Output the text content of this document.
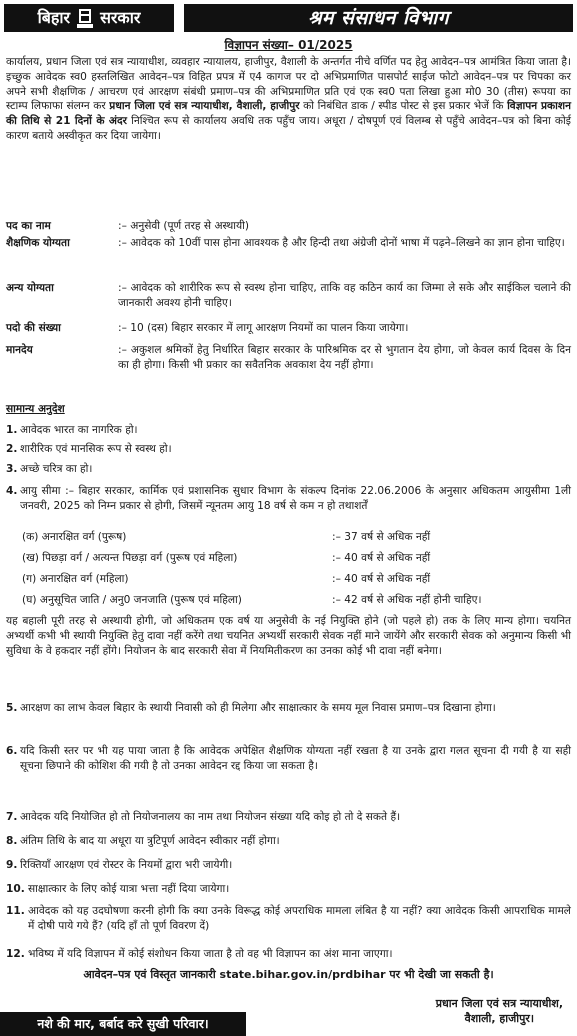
बिहार सरकार	श्रम संसाधन विभाग
विज्ञापन संख्या– 01/2025
कार्यालय, प्रधान जिला एवं सत्र न्यायाधीश, व्यवहार न्यायालय, हाजीपुर, वैशाली के अन्तर्गत नीचे वर्णित पद हेतु आवेदन–पत्र आमंत्रित किया जाता है। इच्छुक आवेदक स्व0 हस्तलिखित आवेदन–पत्र विहित प्रपत्र में ए4 कागज पर दो अभिप्रमाणित पासपोर्ट साईज फोटो आवेदन–पत्र पर चिपका कर अपने सभी शैक्षणिक / आचरण एवं आरक्षण संबंधी प्रमाण–पत्र की अभिप्रमाणित प्रति एवं एक स्व0 पता लिखा हुआ मो0 30 (तीस) रूपया का स्टाम्प लिफाफा संलग्न कर प्रधान जिला एवं सत्र न्यायाधीश, वैशाली, हाजीपुर को निबंधित डाक / स्पीड पोस्ट से इस प्रकार भेजें कि विज्ञापन प्रकाशन की तिथि से 21 दिनों के अंदर निश्चित रूप से कार्यालय अवधि तक पहुँच जाय। अधूरा / दोषपूर्ण एवं विलम्ब से पहुँचे आवेदन–पत्र को बिना कोई कारण बताये अस्वीकृत कर दिया जायेगा।
पद का नाम	:– अनुसेवी (पूर्ण तरह से अस्थायी)
शैक्षणिक योग्यता	:– आवेदक को 10वीं पास होना आवश्यक है और हिन्दी तथा अंग्रेजी दोनों भाषा में पढ़ने–लिखने का ज्ञान होना चाहिए।
अन्य योग्यता	:– आवेदक को शारीरिक रूप से स्वस्थ होना चाहिए, ताकि वह कठिन कार्य का जिम्मा ले सके और साईकिल चलाने की जानकारी अवश्य होनी चाहिए।
पदो की संख्या	:– 10 (दस) बिहार सरकार में लागू आरक्षण नियमों का पालन किया जायेगा।
मानदेय	:– अकुशल श्रमिकों हेतु निर्धारित बिहार सरकार के पारिश्रमिक दर से भुगतान देय होगा, जो केवल कार्य दिवस के दिन का ही होगा। किसी भी प्रकार का सवैतनिक अवकाश देय नहीं होगा।
सामान्य अनुदेश
1. आवेदक भारत का नागरिक हो।
2. शारीरिक एवं मानसिक रूप से स्वस्थ हो।
3. अच्छे चरित्र का हो।
4. आयु सीमा :– बिहार सरकार, कार्मिक एवं प्रशासनिक सुधार विभाग के संकल्प दिनांक 22.06.2006 के अनुसार अधिकतम आयुसीमा 1ली जनवरी, 2025 को निम्न प्रकार से होगी, जिसमें न्यूनतम आयु 18 वर्ष से कम न हो तथाशर्तें
(क) अनारक्षित वर्ग (पुरूष)	:– 37 वर्ष से अधिक नहीं
(ख) पिछड़ा वर्ग / अत्यन्त पिछड़ा वर्ग (पुरूष एवं महिला)	:– 40 वर्ष से अधिक नहीं
(ग) अनारक्षित वर्ग (महिला)	:– 40 वर्ष से अधिक नहीं
(घ) अनुसूचित जाति / अनु0 जनजाति (पुरूष एवं महिला)	:– 42 वर्ष से अधिक नहीं होनी चाहिए।
यह बहाली पूरी तरह से अस्थायी होगी, जो अधिकतम एक वर्ष या अनुसेवी के नई नियुक्ति होने (जो पहले हो) तक के लिए मान्य होगा। चयनित अभ्यर्थी कभी भी स्थायी नियुक्ति हेतु दावा नहीं करेंगे तथा चयनित अभ्यर्थी सरकारी सेवक नहीं माने जायेंगे और सरकारी सेवक को अनुमान्य किसी भी सुविधा के वे हकदार नहीं होंगे। नियोजन के बाद सरकारी सेवा में नियमितीकरण का उनका कोई भी दावा नहीं बनेगा।
5. आरक्षण का लाभ केवल बिहार के स्थायी निवासी को ही मिलेगा और साक्षात्कार के समय मूल निवास प्रमाण–पत्र दिखाना होगा।
6. यदि किसी स्तर पर भी यह पाया जाता है कि आवेदक अपेक्षित शैक्षणिक योग्यता नहीं रखता है या उनके द्वारा गलत सूचना दी गयी है या सही सूचना छिपाने की कोशिश की गयी है तो उनका आवेदन रद्द किया जा सकता है।
7. आवेदक यदि नियोजित हो तो नियोजनालय का नाम तथा नियोजन संख्या यदि कोइ हो तो दे सकते हैं।
8. अंतिम तिथि के बाद या अधूरा या त्रुटिपूर्ण आवेदन स्वीकार नहीं होगा।
9. रिक्तियाँ आरक्षण एवं रोस्टर के नियमों द्वारा भरी जायेगी।
10. साक्षात्कार के लिए कोई यात्रा भत्ता नहीं दिया जायेगा।
11. आवेदक को यह उदघोषणा करनी होगी कि क्या उनके विरूद्ध कोई अपराधिक मामला लंबित है या नहीं? क्या आवेदक किसी आपराधिक मामले में दोषी पाये गये हैं? (यदि हाँ तो पूर्ण विवरण दें)
12. भविष्य में यदि विज्ञापन में कोई संशोधन किया जाता है तो वह भी विज्ञापन का अंश माना जाएगा।
आवेदन–पत्र एवं विस्तृत जानकारी state.bihar.gov.in/prdbihar पर भी देखी जा सकती है।
प्रधान जिला एवं सत्र न्यायाधीश,
वैशाली, हाजीपुर।
नशे की मार, बर्बाद करे सुखी परिवार।
